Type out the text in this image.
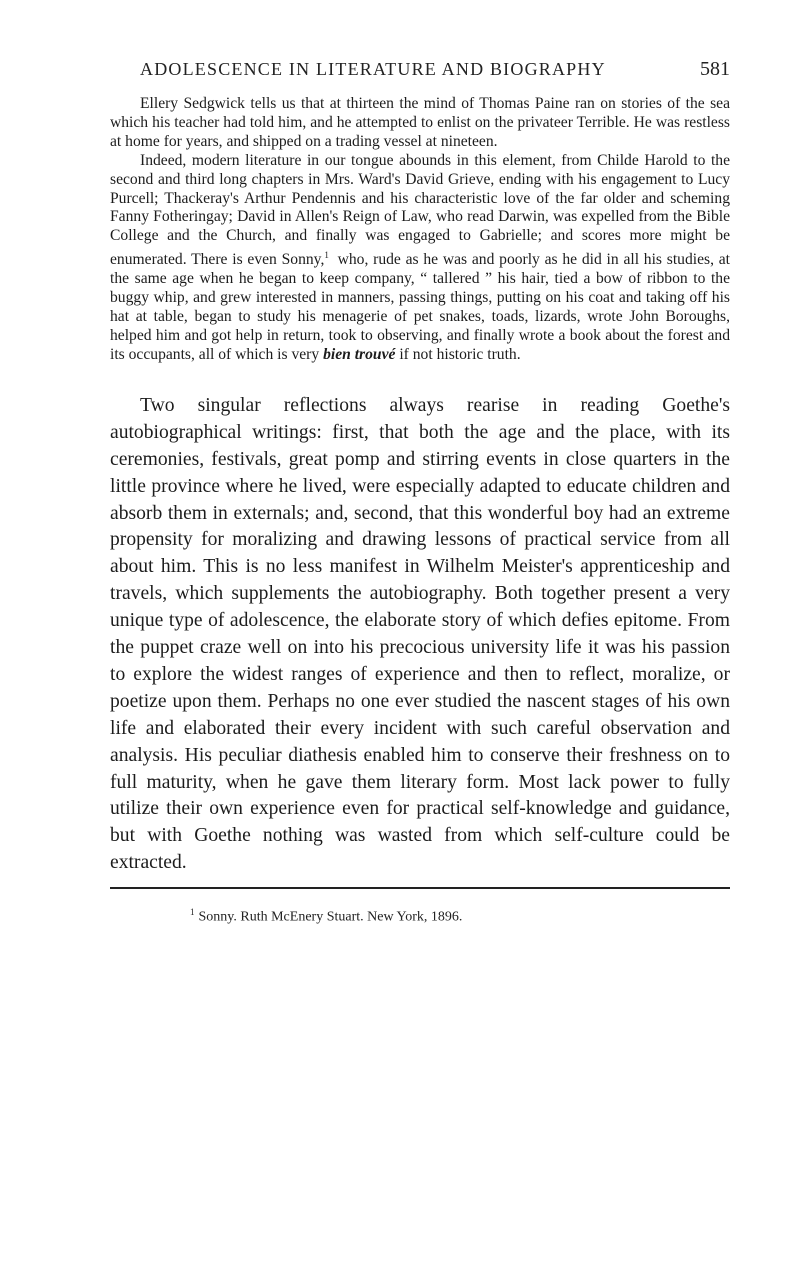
ADOLESCENCE IN LITERATURE AND BIOGRAPHY	581

Ellery Sedgwick tells us that at thirteen the mind of Thomas Paine ran on stories of the sea which his teacher had told him, and he attempted to enlist on the privateer Terrible. He was restless at home for years, and shipped on a trading vessel at nineteen.

Indeed, modern literature in our tongue abounds in this element, from Childe Harold to the second and third long chapters in Mrs. Ward's David Grieve, ending with his engagement to Lucy Purcell; Thackeray's Arthur Pendennis and his characteristic love of the far older and scheming Fanny Fotheringay; David in Allen's Reign of Law, who read Darwin, was expelled from the Bible College and the Church, and finally was engaged to Gabrielle; and scores more might be enumerated. There is even Sonny,$^1$ who, rude as he was and poorly as he did in all his studies, at the same age when he began to keep company, “ tallered ” his hair, tied a bow of ribbon to the buggy whip, and grew interested in manners, passing things, putting on his coat and taking off his hat at table, began to study his menagerie of pet snakes, toads, lizards, wrote John Boroughs, helped him and got help in return, took to observing, and finally wrote a book about the forest and its occupants, all of which is very bien trouvé if not historic truth.

Two singular reflections always rearise in reading Goethe's autobiographical writings: first, that both the age and the place, with its ceremonies, festivals, great pomp and stirring events in close quarters in the little province where he lived, were especially adapted to educate children and absorb them in externals; and, second, that this wonderful boy had an extreme propensity for moralizing and drawing lessons of practical service from all about him. This is no less manifest in Wilhelm Meister's apprenticeship and travels, which supplements the autobiography. Both together present a very unique type of adolescence, the elaborate story of which defies epitome. From the puppet craze well on into his precocious university life it was his passion to explore the widest ranges of experience and then to reflect, moralize, or poetize upon them. Perhaps no one ever studied the nascent stages of his own life and elaborated their every incident with such careful observation and analysis. His peculiar diathesis enabled him to conserve their freshness on to full maturity, when he gave them literary form. Most lack power to fully utilize their own experience even for practical self-knowledge and guidance, but with Goethe nothing was wasted from which self-culture could be extracted.

$^1$ Sonny. Ruth McEnery Stuart. New York, 1896.
